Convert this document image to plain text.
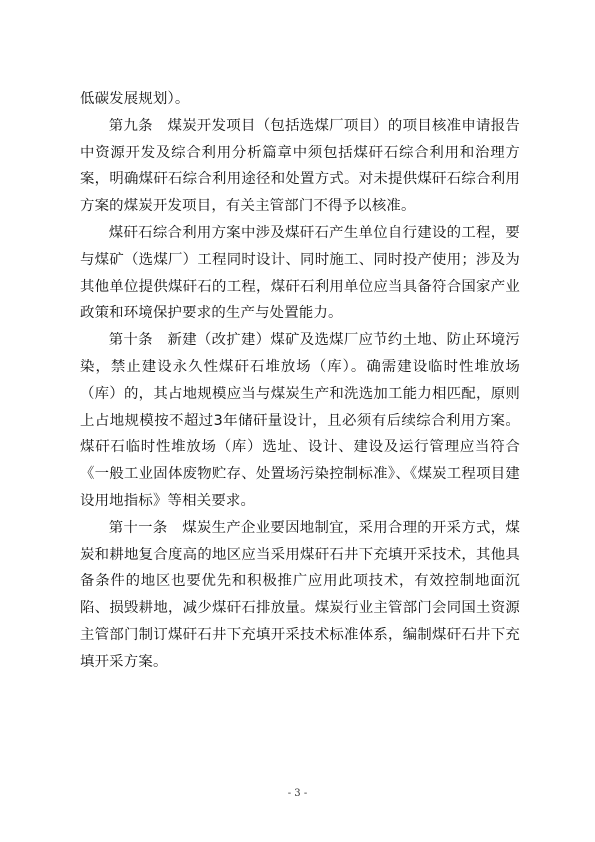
低碳发展规划）。

第九条　煤炭开发项目（包括选煤厂项目）的项目核准申请报告中资源开发及综合利用分析篇章中须包括煤矸石综合利用和治理方案，明确煤矸石综合利用途径和处置方式。对未提供煤矸石综合利用方案的煤炭开发项目，有关主管部门不得予以核准。

煤矸石综合利用方案中涉及煤矸石产生单位自行建设的工程，要与煤矿（选煤厂）工程同时设计、同时施工、同时投产使用；涉及为其他单位提供煤矸石的工程，煤矸石利用单位应当具备符合国家产业政策和环境保护要求的生产与处置能力。

第十条　新建（改扩建）煤矿及选煤厂应节约土地、防止环境污染，禁止建设永久性煤矸石堆放场（库）。确需建设临时性堆放场（库）的，其占地规模应当与煤炭生产和洗选加工能力相匹配，原则上占地规模按不超过3年储矸量设计，且必须有后续综合利用方案。煤矸石临时性堆放场（库）选址、设计、建设及运行管理应当符合《一般工业固体废物贮存、处置场污染控制标准》、《煤炭工程项目建设用地指标》等相关要求。

第十一条　煤炭生产企业要因地制宜，采用合理的开采方式，煤炭和耕地复合度高的地区应当采用煤矸石井下充填开采技术，其他具备条件的地区也要优先和积极推广应用此项技术，有效控制地面沉陷、损毁耕地，减少煤矸石排放量。煤炭行业主管部门会同国土资源主管部门制订煤矸石井下充填开采技术标准体系，编制煤矸石井下充填开采方案。

- 3 -
